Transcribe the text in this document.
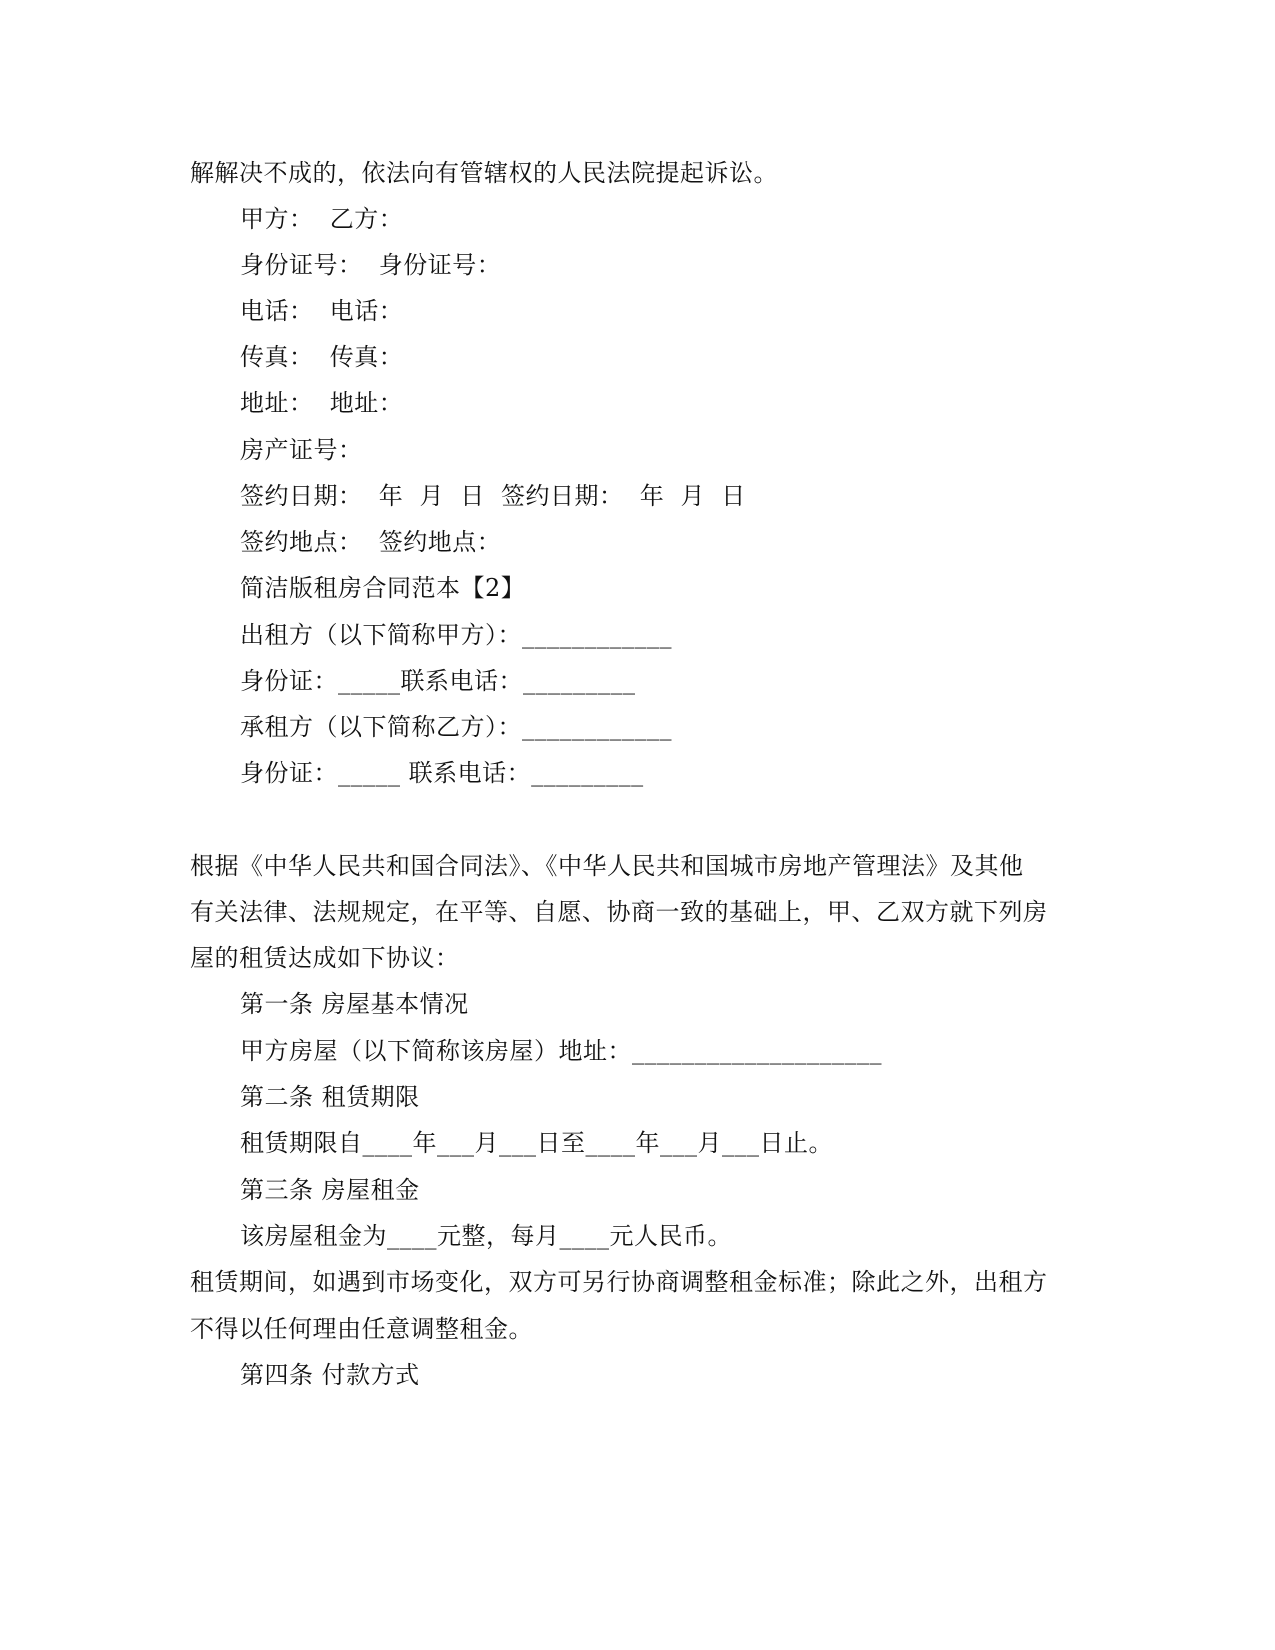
解解决不成的，依法向有管辖权的人民法院提起诉讼。
甲方：  乙方：
身份证号：  身份证号：
电话：  电话：
传真：  传真：
地址：  地址：
房产证号：
签约日期：  年  月  日  签约日期：  年  月  日
签约地点：  签约地点：
简洁版租房合同范本【2】
出租方（以下简称甲方）：____________
身份证：_____联系电话：_________
承租方（以下简称乙方）：____________
身份证：_____ 联系电话：_________
根据《中华人民共和国合同法》、《中华人民共和国城市房地产管理法》及其他
有关法律、法规规定，在平等、自愿、协商一致的基础上，甲、乙双方就下列房
屋的租赁达成如下协议：
第一条 房屋基本情况
甲方房屋（以下简称该房屋）地址：____________________
第二条 租赁期限
租赁期限自____年___月___日至____年___月___日止。
第三条 房屋租金
该房屋租金为____元整，每月____元人民币。
租赁期间，如遇到市场变化，双方可另行协商调整租金标准；除此之外，出租方
不得以任何理由任意调整租金。
第四条 付款方式
